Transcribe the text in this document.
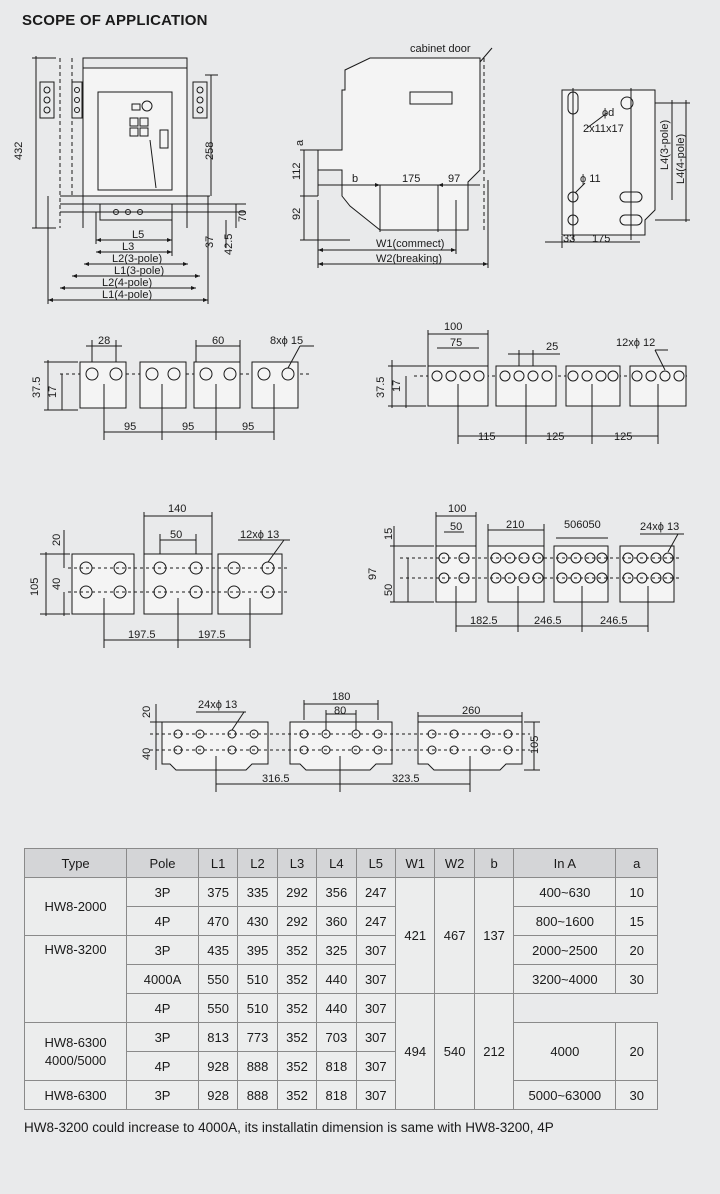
SCOPE OF APPLICATION
432	258
70
37 42.5
L5
L3
L2(3-pole)
L1(3-pole)
L2(4-pole)
L1(4-pole)
cabinet door
a
112
92
b	175	97
W1(commect)
W2(breaking)
ϕd
2x11x17
ϕ 11
33 175
L4(3-pole) L4(4-pole)
28	60	8xϕ 15
37.5 17
95	95	95
100
75	25	12xϕ 12
37.5 17
115	125	125
140
50	12xϕ 13
20
105 40
197.5	197.5
100
50	210	506050	24xϕ 13
15
97
50
182.5	246.5	246.5
24xϕ 13
180
80	260
20
40	105
316.5	323.5
Type	Pole	L1	L2	L3	L4	L5	W1	W2	b	In A	a
HW8-2000	3P	375	335	292	356	247	421	467	137	400~630	10
	4P	470	430	292	360	247				800~1600	15
HW8-3200	3P	435	395	352	325	307				2000~2500	20
	4000A	550	510	352	440	307				3200~4000	30
	4P	550	510	352	440	307	494	540	212	
HW8-6300
4000/5000	3P	813	773	352	703	307				4000	20
	4P	928	888	352	818	307					
HW8-6300	3P	928	888	352	818	307				5000~63000	30
HW8-3200 could increase to 4000A, its installatin dimension is same with HW8-3200, 4P
